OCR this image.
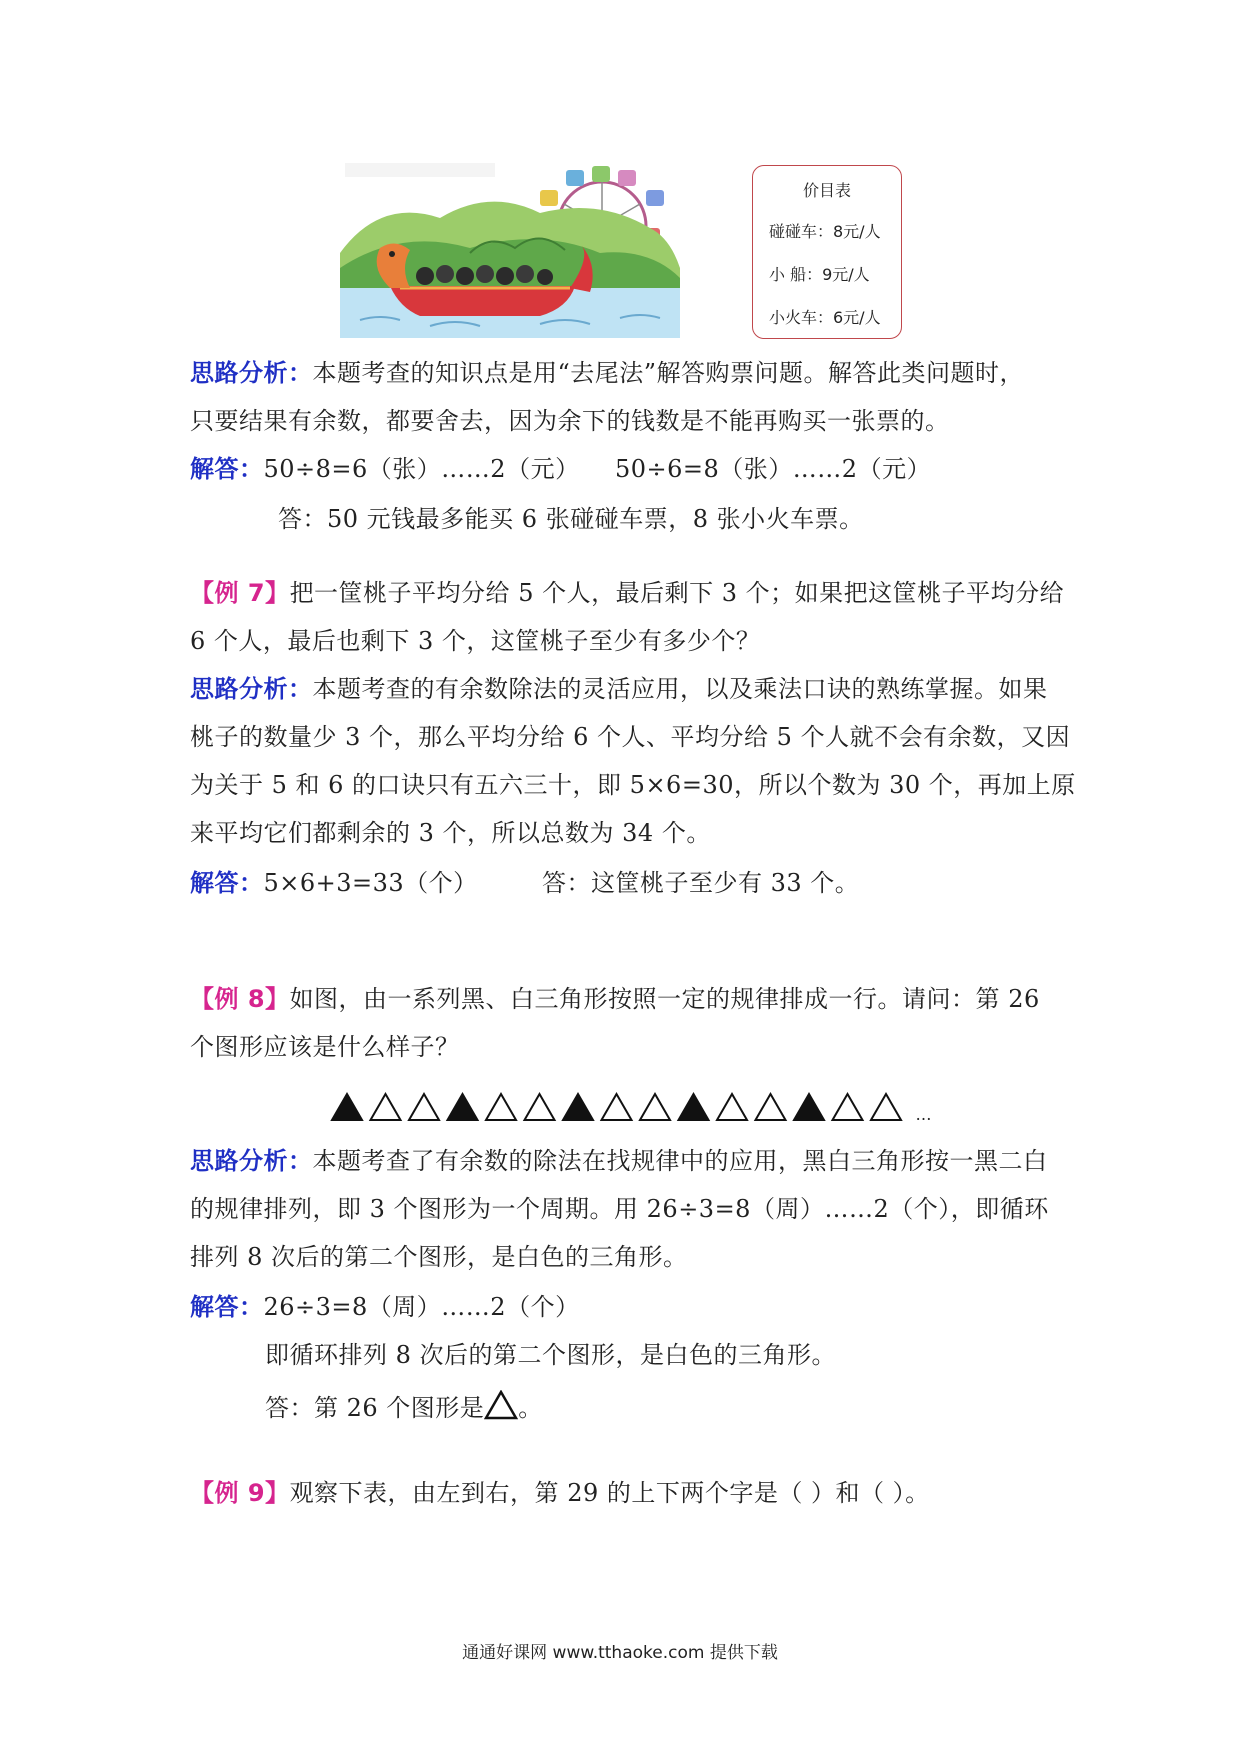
价目表
碰碰车：8元/人
小 船：9元/人
小火车：6元/人
思路分析：本题考查的知识点是用“去尾法”解答购票问题。解答此类问题时，
只要结果有余数，都要舍去，因为余下的钱数是不能再购买一张票的。
解答：50÷8=6（张）……2（元） 50÷6=8（张）……2（元）
答：50 元钱最多能买 6 张碰碰车票，8 张小火车票。
【例 7】把一筐桃子平均分给 5 个人，最后剩下 3 个；如果把这筐桃子平均分给
6 个人，最后也剩下 3 个，这筐桃子至少有多少个？
思路分析：本题考查的有余数除法的灵活应用，以及乘法口诀的熟练掌握。如果
桃子的数量少 3 个，那么平均分给 6 个人、平均分给 5 个人就不会有余数，又因
为关于 5 和 6 的口诀只有五六三十，即 5×6=30，所以个数为 30 个，再加上原
来平均它们都剩余的 3 个，所以总数为 34 个。
解答：5×6+3=33（个）	答：这筐桃子至少有 33 个。
【例 8】如图，由一系列黑、白三角形按照一定的规律排成一行。请问：第 26
个图形应该是什么样子？
…
思路分析：本题考查了有余数的除法在找规律中的应用，黑白三角形按一黑二白
的规律排列，即 3 个图形为一个周期。用 26÷3=8（周）……2（个），即循环
排列 8 次后的第二个图形，是白色的三角形。
解答：26÷3=8（周）……2（个）
即循环排列 8 次后的第二个图形，是白色的三角形。
答：第 26 个图形是 。
【例 9】观察下表，由左到右，第 29 的上下两个字是（ ）和（ ）。
通通好课网 www.tthaoke.com 提供下载
